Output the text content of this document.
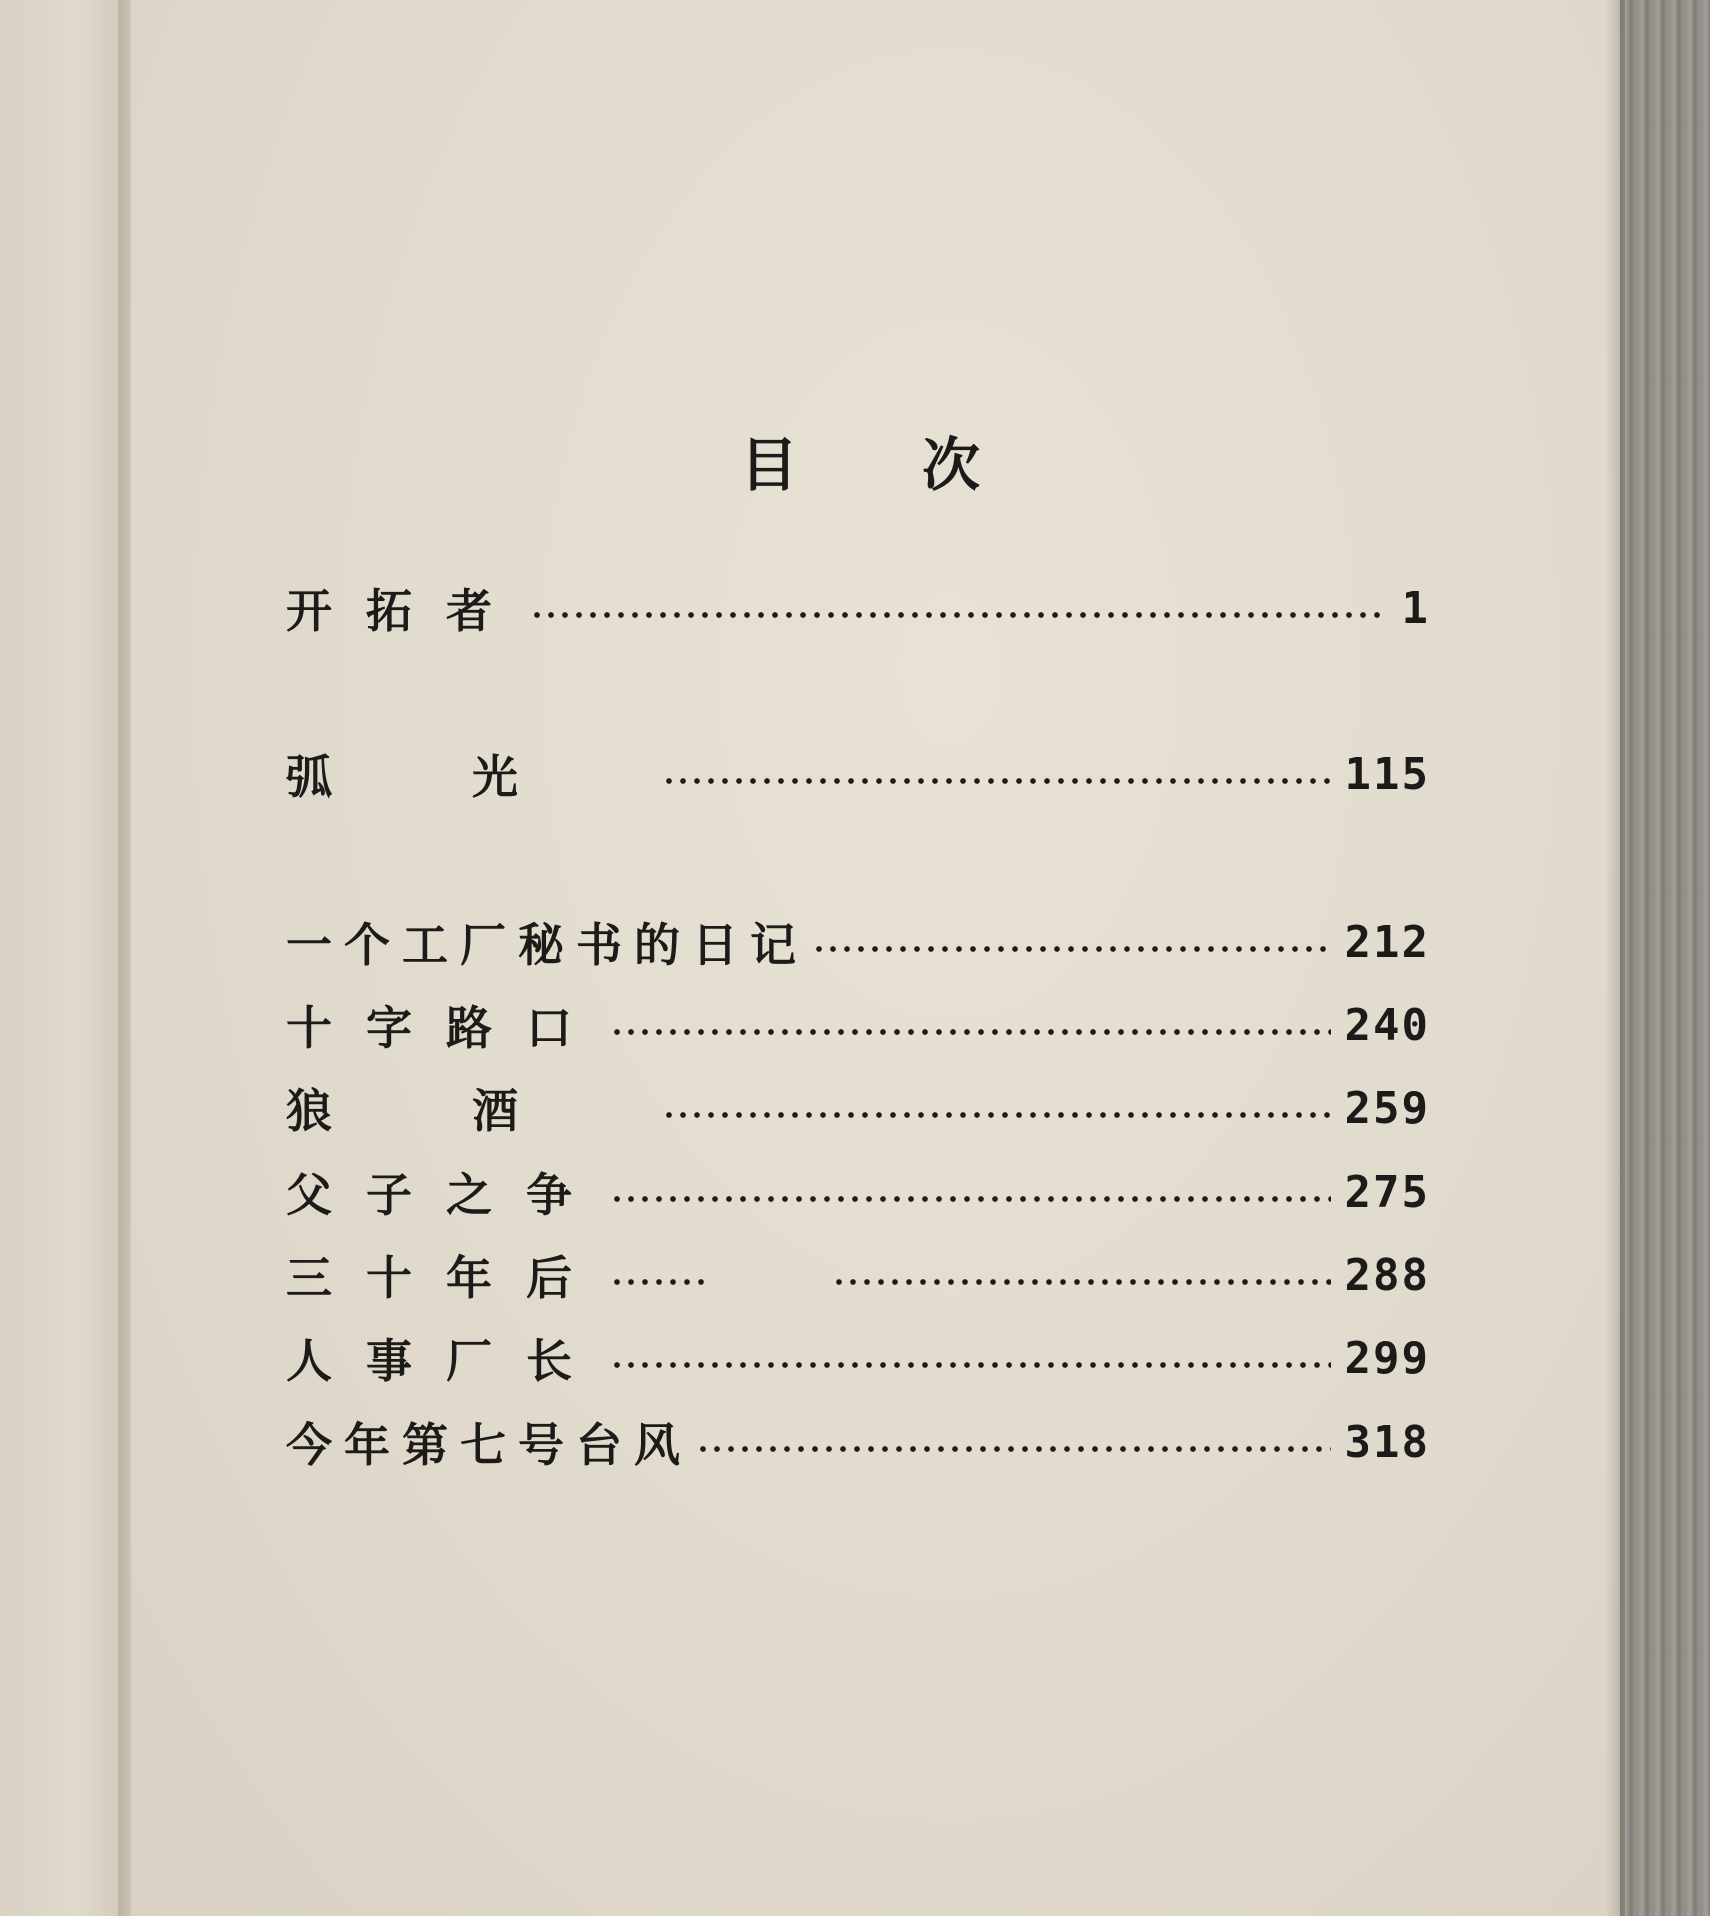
目 次
开拓者	1
弧光	115
一个工厂秘书的日记	212
十字路口	240
狼酒	259
父子之争	275
三十年后	288
人事厂长	299
今年第七号台风	318
